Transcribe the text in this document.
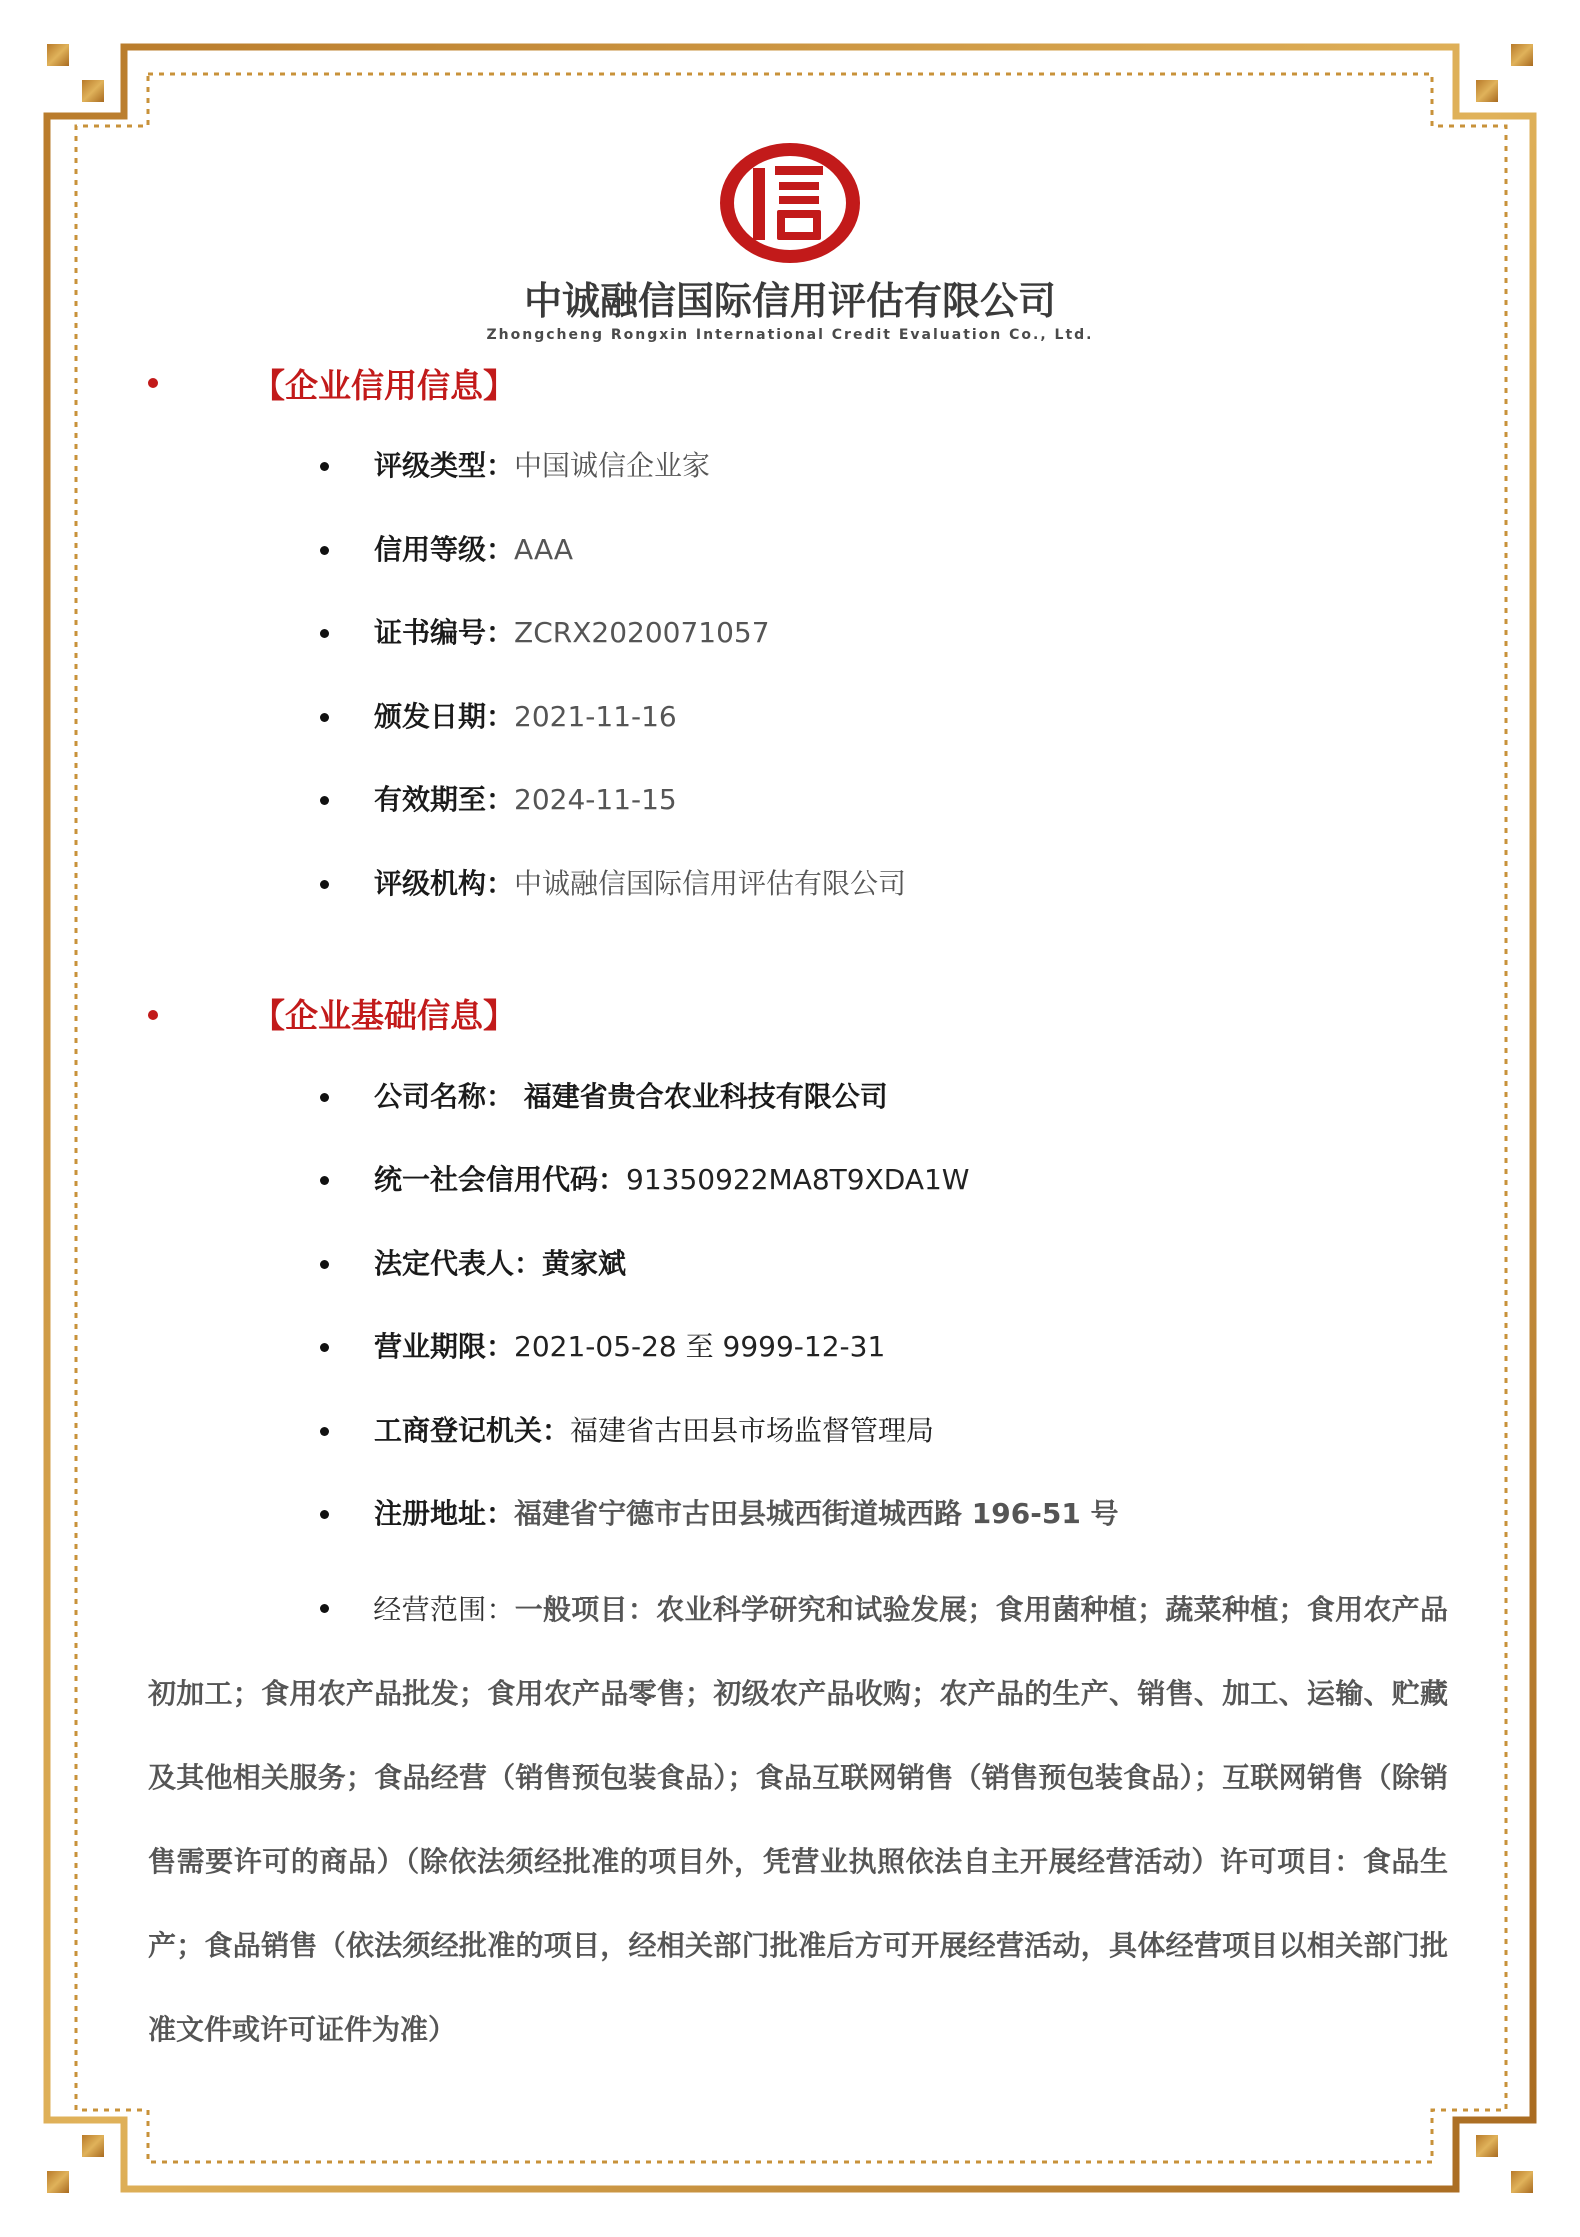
中诚融信国际信用评估有限公司
Zhongcheng Rongxin International Credit Evaluation Co., Ltd.
【企业信用信息】
评级类型：中国诚信企业家
信用等级：AAA
证书编号：ZCRX2020071057
颁发日期：2021-11-16
有效期至：2024-11-15
评级机构：中诚融信国际信用评估有限公司
【企业基础信息】
公司名称： 福建省贵合农业科技有限公司
统一社会信用代码：91350922MA8T9XDA1W
法定代表人：黄家斌
营业期限：2021-05-28 至 9999-12-31
工商登记机关：福建省古田县市场监督管理局
注册地址：福建省宁德市古田县城西街道城西路 196-51 号
经营范围：一般项目：农业科学研究和试验发展；食用菌种植；蔬菜种植；食用农产品初加工；食用农产品批发；食用农产品零售；初级农产品收购；农产品的生产、销售、加工、运输、贮藏及其他相关服务；食品经营（销售预包装食品）；食品互联网销售（销售预包装食品）；互联网销售（除销售需要许可的商品）（除依法须经批准的项目外，凭营业执照依法自主开展经营活动）许可项目：食品生产；食品销售（依法须经批准的项目，经相关部门批准后方可开展经营活动，具体经营项目以相关部门批准文件或许可证件为准）
